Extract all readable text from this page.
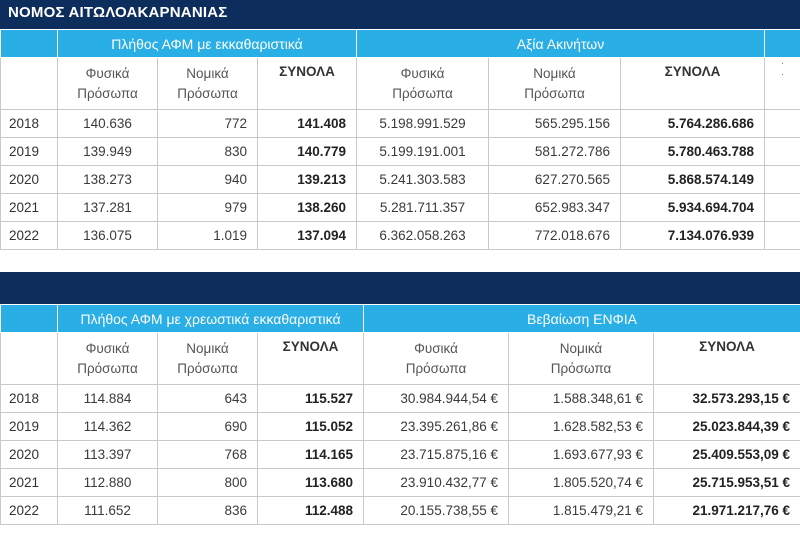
ΝΟΜΟΣ ΑΙΤΩΛΟΑΚΑΡΝΑΝΙΑΣ
	Πλήθος ΑΦΜ με εκκαθαριστικά			Αξία Ακινήτων			
	Φυσικά
Πρόσωπα	Νομικά
Πρόσωπα	ΣΥΝΟΛΑ	Φυσικά
Πρόσωπα	Νομικά
Πρόσωπα	ΣΥΝΟΛΑ	·
·
2018	140.636	772	141.408	5.198.991.529	565.295.156	5.764.286.686	
2019	139.949	830	140.779	5.199.191.001	581.272.786	5.780.463.788	
2020	138.273	940	139.213	5.241.303.583	627.270.565	5.868.574.149	
2021	137.281	979	138.260	5.281.711.357	652.983.347	5.934.694.704	
2022	136.075	1.019	137.094	6.362.058.263	772.018.676	7.134.076.939	
	Πλήθος ΑΦΜ με χρεωστικά εκκαθαριστικά			Βεβαίωση ΕΝΦΙΑ		
	Φυσικά
Πρόσωπα	Νομικά
Πρόσωπα	ΣΥΝΟΛΑ	Φυσικά
Πρόσωπα	Νομικά
Πρόσωπα	ΣΥΝΟΛΑ
2018	114.884	643	115.527	30.984.944,54 €	1.588.348,61 €	32.573.293,15 €
2019	114.362	690	115.052	23.395.261,86 €	1.628.582,53 €	25.023.844,39 €
2020	113.397	768	114.165	23.715.875,16 €	1.693.677,93 €	25.409.553,09 €
2021	112.880	800	113.680	23.910.432,77 €	1.805.520,74 €	25.715.953,51 €
2022	111.652	836	112.488	20.155.738,55 €	1.815.479,21 €	21.971.217,76 €
